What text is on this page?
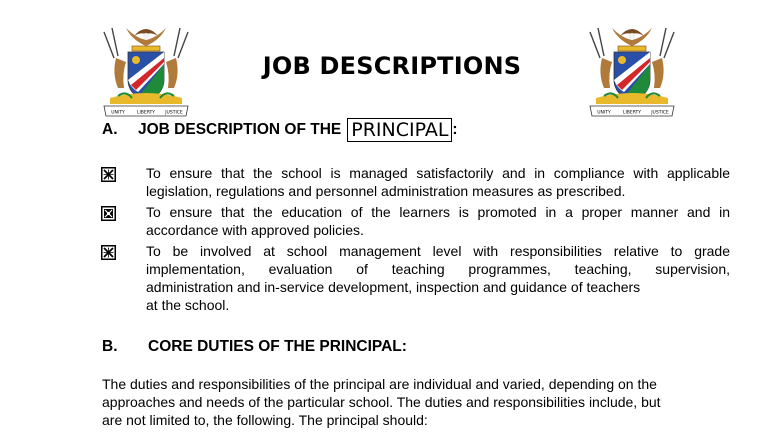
UNITY	LIBERTY JUSTICE	UNITY	LIBERTY JUSTICE
JOB DESCRIPTIONS
A.	JOB DESCRIPTION OF THE PRINCIPAL :
To ensure that the school is managed satisfactorily and in compliance with applicable
legislation, regulations and personnel administration measures as prescribed.
To ensure that the education of the learners is promoted in a proper manner and in
accordance with approved policies.
To be involved at school management level with responsibilities relative to grade
implementation, evaluation of teaching programmes, teaching, supervision,
administration and in-service development, inspection and guidance of teachers
at the school.
B.	CORE DUTIES OF THE PRINCIPAL:
The duties and responsibilities of the principal are individual and varied, depending on the
approaches and needs of the particular school. The duties and responsibilities include, but
are not limited to, the following. The principal should:
